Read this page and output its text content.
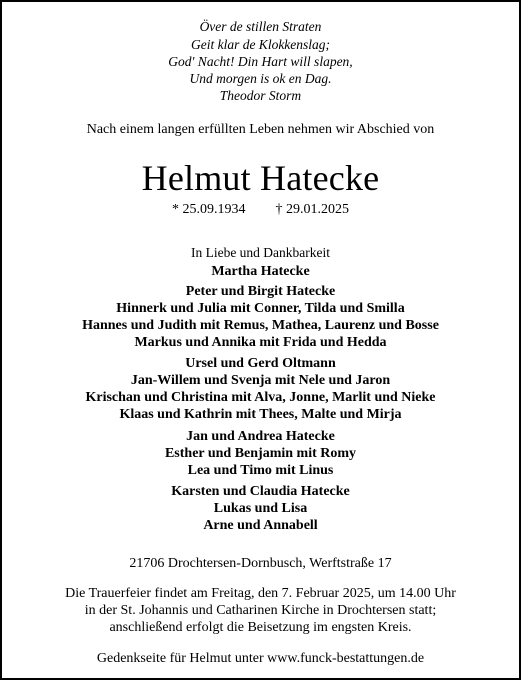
Över de stillen Straten
Geit klar de Klokkenslag;
God' Nacht! Din Hart will slapen,
Und morgen is ok en Dag.
Theodor Storm
Nach einem langen erfüllten Leben nehmen wir Abschied von
Helmut Hatecke
* 25.09.1934 † 29.01.2025
In Liebe und Dankbarkeit
Martha Hatecke
Peter und Birgit Hatecke
Hinnerk und Julia mit Conner, Tilda und Smilla
Hannes und Judith mit Remus, Mathea, Laurenz und Bosse
Markus und Annika mit Frida und Hedda
Ursel und Gerd Oltmann
Jan-Willem und Svenja mit Nele und Jaron
Krischan und Christina mit Alva, Jonne, Marlit und Nieke
Klaas und Kathrin mit Thees, Malte und Mirja
Jan und Andrea Hatecke
Esther und Benjamin mit Romy
Lea und Timo mit Linus
Karsten und Claudia Hatecke
Lukas und Lisa
Arne und Annabell
21706 Drochtersen-Dornbusch, Werftstraße 17
Die Trauerfeier findet am Freitag, den 7. Februar 2025, um 14.00 Uhr
in der St. Johannis und Catharinen Kirche in Drochtersen statt;
anschließend erfolgt die Beisetzung im engsten Kreis.
Gedenkseite für Helmut unter www.funck-bestattungen.de
